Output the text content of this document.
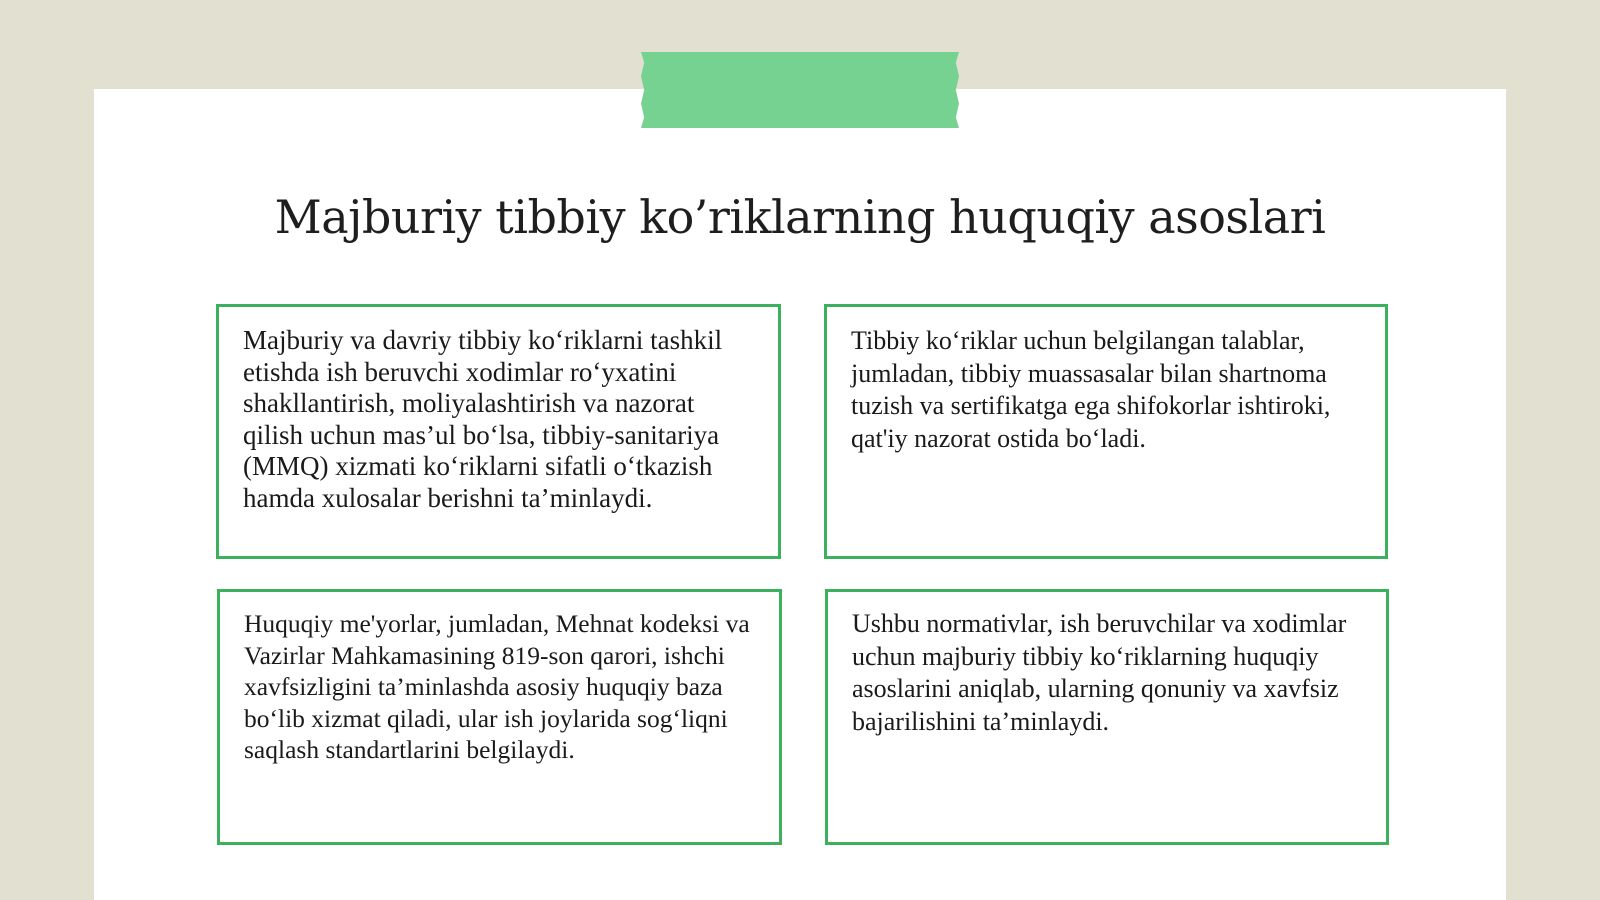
Majburiy tibbiy ko’riklarning huquqiy asoslari

Majburiy va davriy tibbiy ko‘riklarni tashkil etishda ish beruvchi xodimlar ro‘yxatini shakllantirish, moliyalashtirish va nazorat qilish uchun mas’ul bo‘lsa, tibbiy-sanitariya (MMQ) xizmati ko‘riklarni sifatli o‘tkazish hamda xulosalar berishni ta’minlaydi.

Tibbiy ko‘riklar uchun belgilangan talablar, jumladan, tibbiy muassasalar bilan shartnoma tuzish va sertifikatga ega shifokorlar ishtiroki, qat'iy nazorat ostida bo‘ladi.

Huquqiy me'yorlar, jumladan, Mehnat kodeksi va Vazirlar Mahkamasining 819-son qarori, ishchi xavfsizligini ta’minlashda asosiy huquqiy baza bo‘lib xizmat qiladi, ular ish joylarida sog‘liqni saqlash standartlarini belgilaydi.

Ushbu normativlar, ish beruvchilar va xodimlar uchun majburiy tibbiy ko‘riklarning huquqiy asoslarini aniqlab, ularning qonuniy va xavfsiz bajarilishini ta’minlaydi.
